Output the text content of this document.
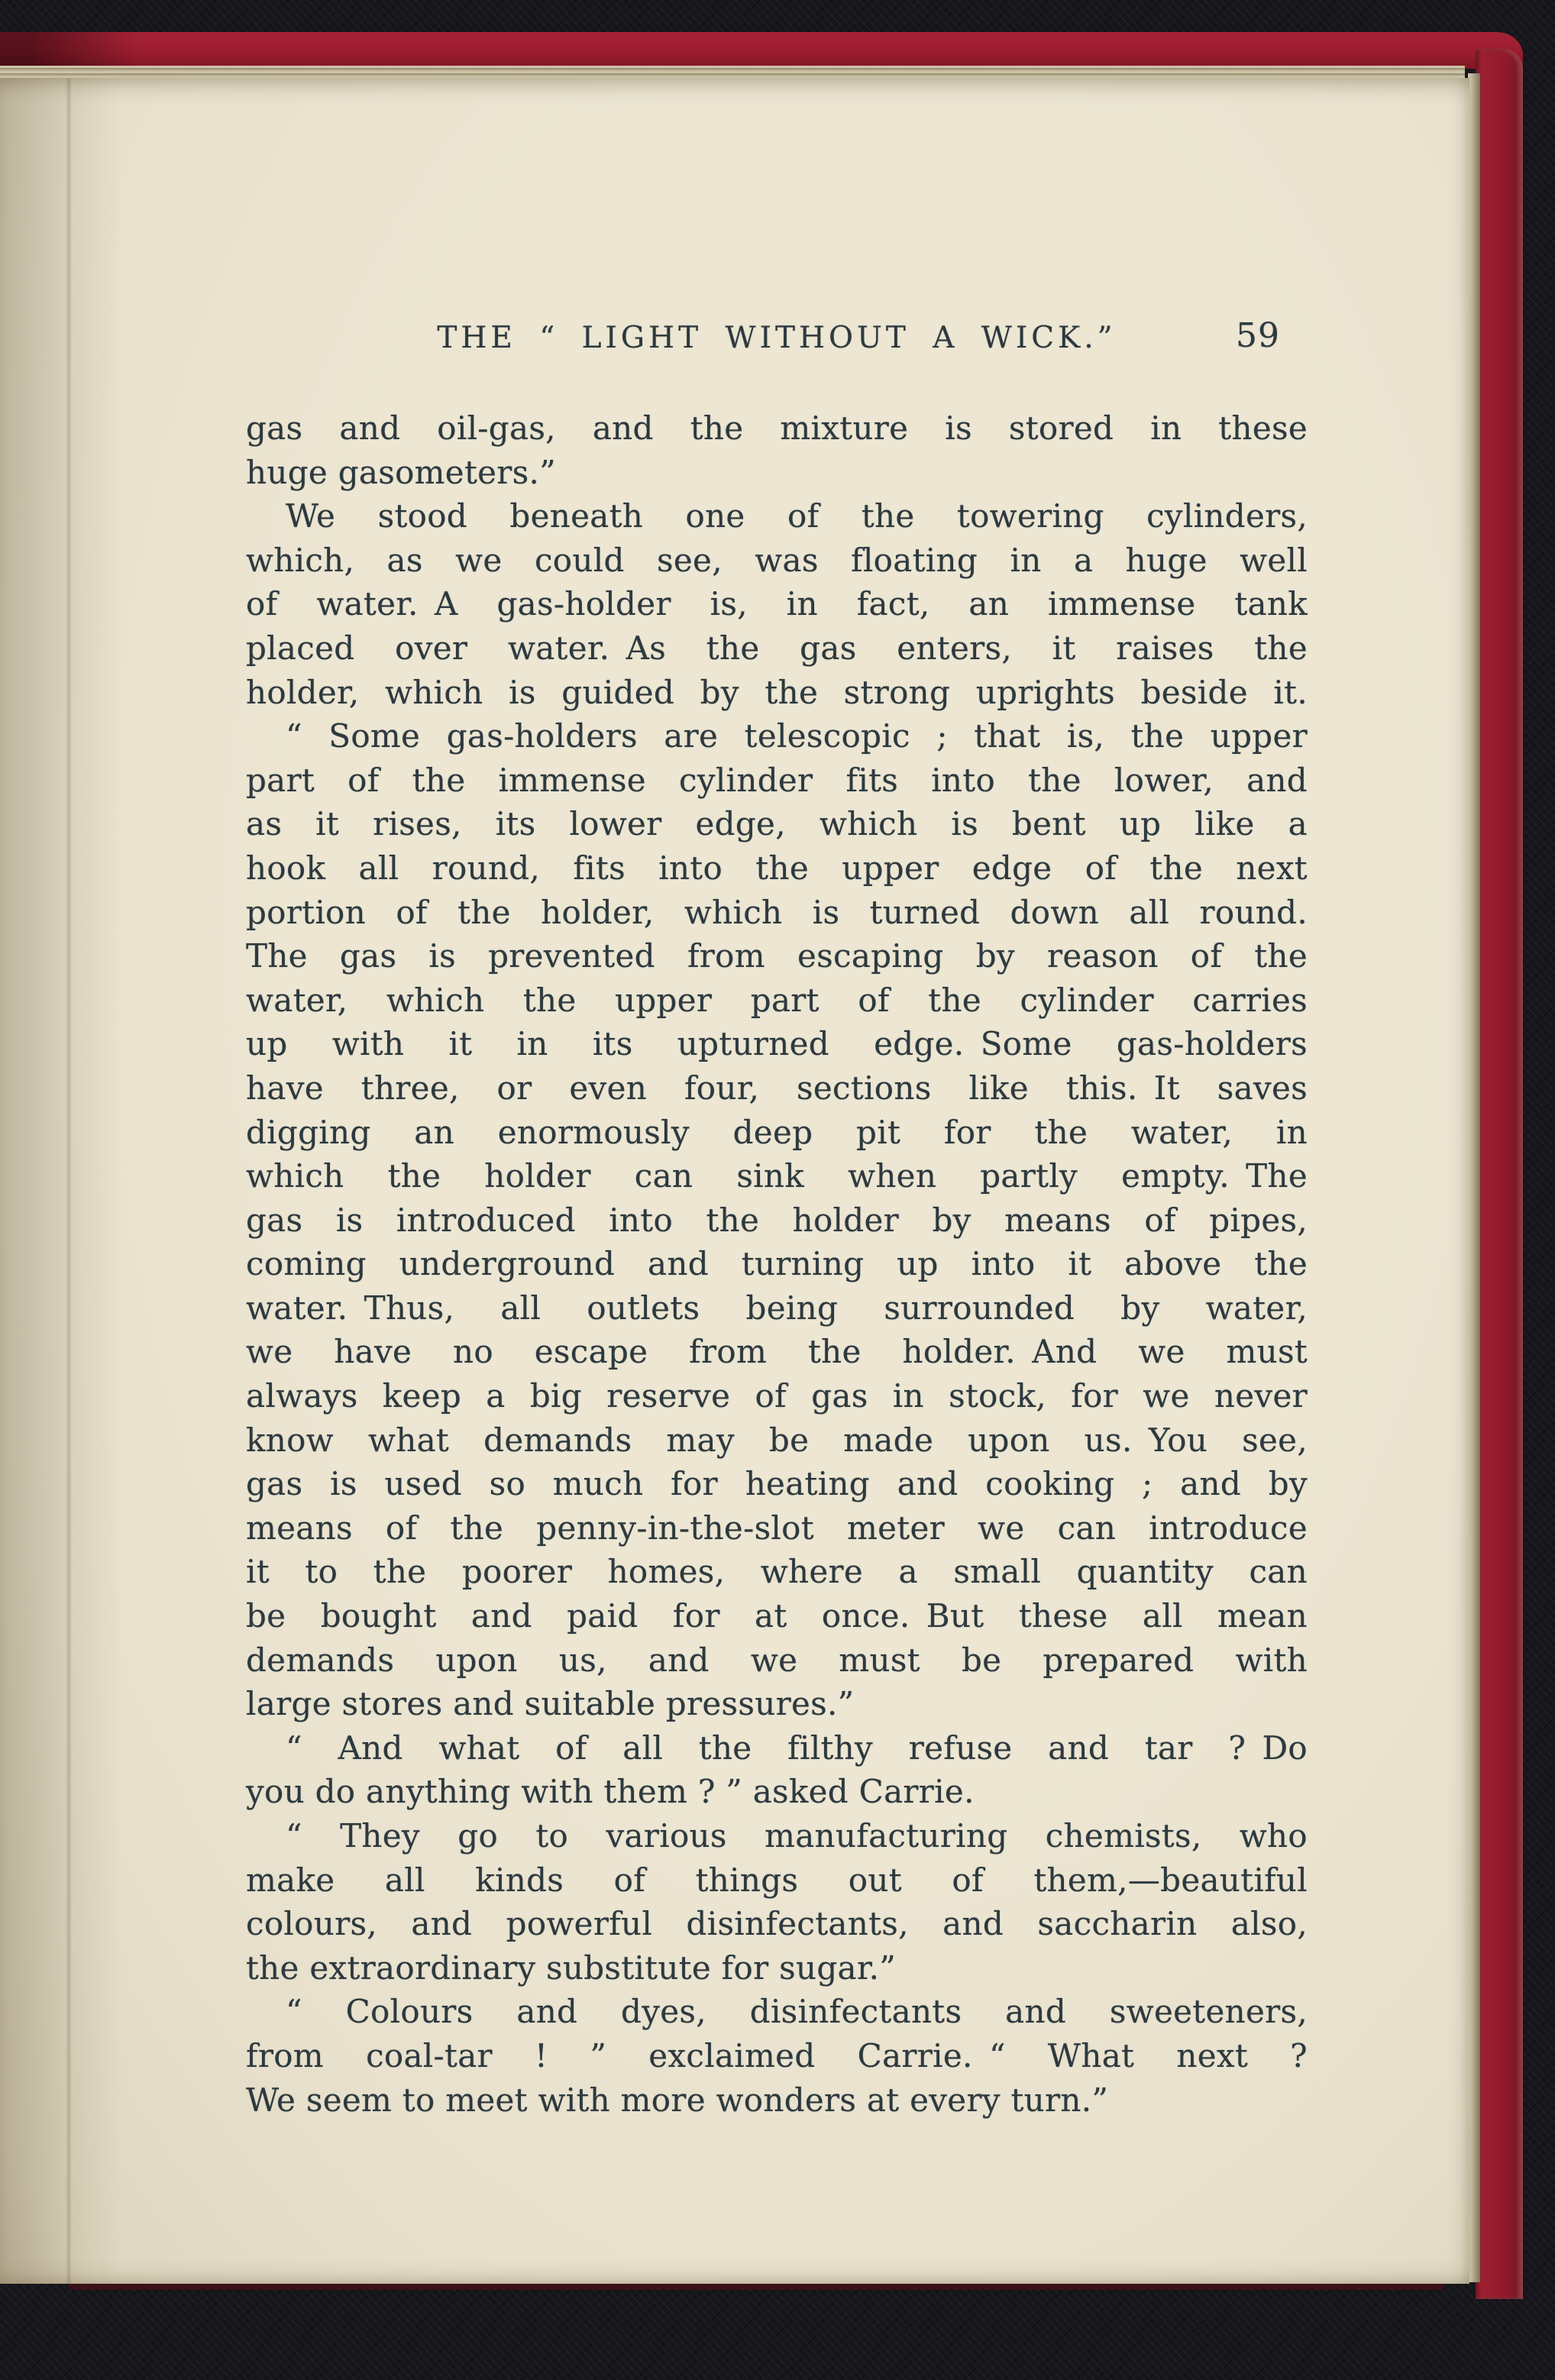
THE “ LIGHT WITHOUT A WICK.”	59
gas and oil-gas, and the mixture is stored in these
huge gasometers.”
We stood beneath one of the towering cylinders,
which, as we could see, was floating in a huge well
of water. A gas-holder is, in fact, an immense tank
placed over water. As the gas enters, it raises the
holder, which is guided by the strong uprights beside it.
“ Some gas-holders are telescopic ; that is, the upper
part of the immense cylinder fits into the lower, and
as it rises, its lower edge, which is bent up like a
hook all round, fits into the upper edge of the next
portion of the holder, which is turned down all round.
The gas is prevented from escaping by reason of the
water, which the upper part of the cylinder carries
up with it in its upturned edge. Some gas-holders
have three, or even four, sections like this. It saves
digging an enormously deep pit for the water, in
which the holder can sink when partly empty. The
gas is introduced into the holder by means of pipes,
coming underground and turning up into it above the
water. Thus, all outlets being surrounded by water,
we have no escape from the holder. And we must
always keep a big reserve of gas in stock, for we never
know what demands may be made upon us. You see,
gas is used so much for heating and cooking ; and by
means of the penny-in-the-slot meter we can introduce
it to the poorer homes, where a small quantity can
be bought and paid for at once. But these all mean
demands upon us, and we must be prepared with
large stores and suitable pressures.”
“ And what of all the filthy refuse and tar ? Do
you do anything with them ? ” asked Carrie.
“ They go to various manufacturing chemists, who
make all kinds of things out of them,—beautiful
colours, and powerful disinfectants, and saccharin also,
the extraordinary substitute for sugar.”
“ Colours and dyes, disinfectants and sweeteners,
from coal-tar ! ” exclaimed Carrie. “ What next ?
We seem to meet with more wonders at every turn.”
